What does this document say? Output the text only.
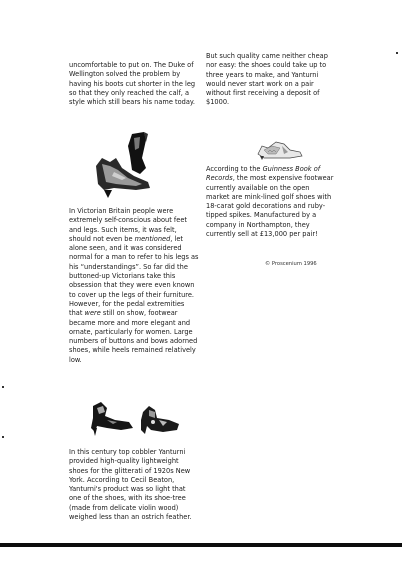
uncomfortable to put on. The Duke of Wellington solved the problem by having his boots cut shorter in the leg so that they only reached the calf, a style which still bears his name today.

In Victorian Britain people were extremely self-conscious about feet and legs. Such items, it was felt, should not even be mentioned, let alone seen, and it was considered normal for a man to refer to his legs as his “understandings”. So far did the buttoned-up Victorians take this obsession that they were even known to cover up the legs of their furniture. However, for the pedal extremities that were still on show, footwear became more and more elegant and ornate, particularly for women. Large numbers of buttons and bows adorned shoes, while heels remained relatively low.

In this century top cobbler Yanturni provided high-quality lightweight shoes for the glitterati of 1920s New York. According to Cecil Beaton, Yanturni's product was so light that one of the shoes, with its shoe-tree (made from delicate violin wood) weighed less than an ostrich feather.

But such quality came neither cheap nor easy: the shoes could take up to three years to make, and Yanturni would never start work on a pair without first receiving a deposit of $1000.

According to the Guinness Book of Records, the most expensive footwear currently available on the open market are mink-lined golf shoes with 18-carat gold decorations and ruby-tipped spikes. Manufactured by a company in Northampton, they currently sell at £13,000 per pair!

© Proscenium 1996
